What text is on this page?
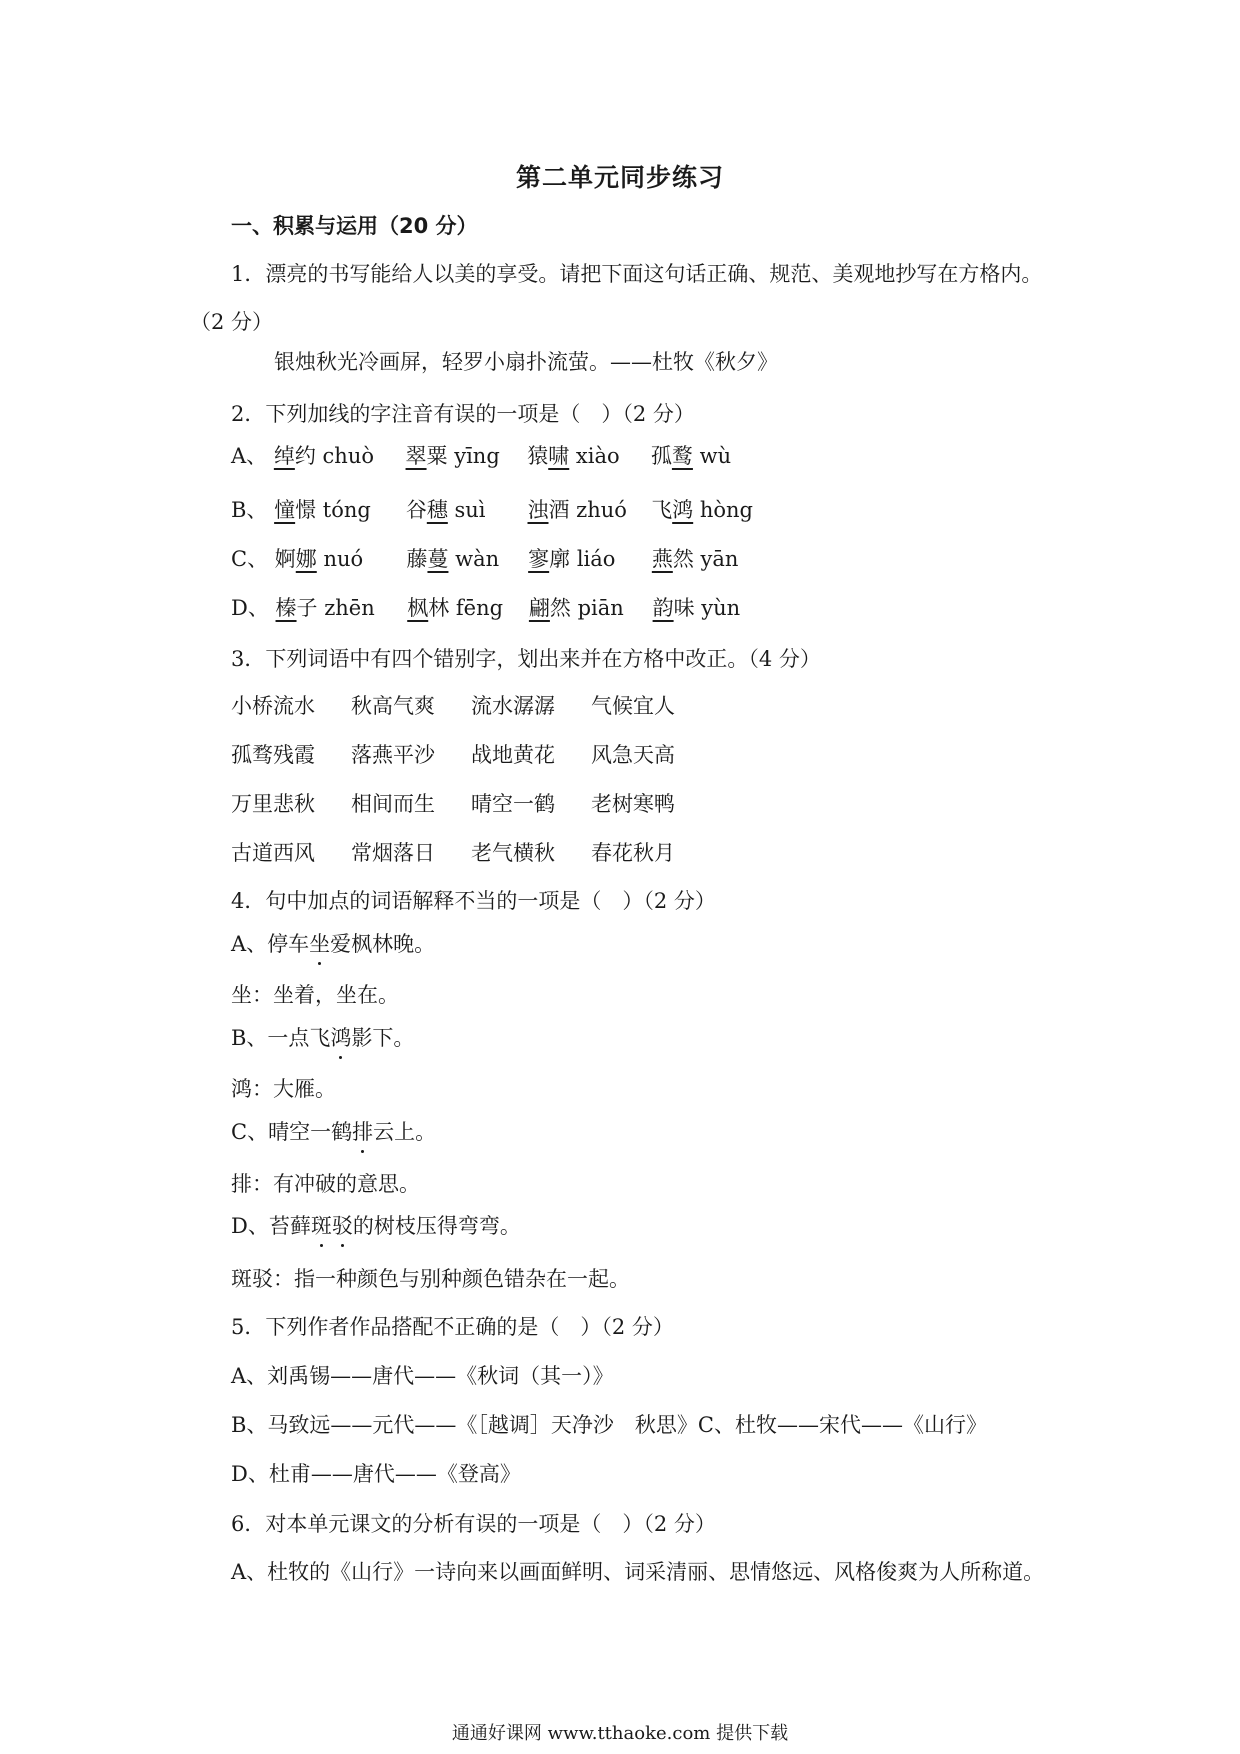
第二单元同步练习
一、积累与运用（20 分）
1．漂亮的书写能给人以美的享受。请把下面这句话正确、规范、美观地抄写在方格内。
（2 分）
银烛秋光冷画屏，轻罗小扇扑流萤。——杜牧《秋夕》
2．下列加线的字注音有误的一项是（　）（2 分）
A、 绰约 chuò 翠粟 yīng 猿啸 xiào 孤鹜 wù
B、 憧憬 tóng 谷穗 suì 浊酒 zhuó 飞鸿 hòng
C、 婀娜 nuó 藤蔓 wàn 寥廓 liáo 燕然 yān
D、 榛子 zhēn 枫林 fēng 翩然 piān 韵味 yùn
3．下列词语中有四个错别字，划出来并在方格中改正。（4 分）
小桥流水 秋高气爽 流水潺潺 气候宜人
孤骛残霞 落燕平沙 战地黄花 风急天高
万里悲秋 相间而生 晴空一鹤 老树寒鸭
古道西风 常烟落日 老气横秋 春花秋月
4．句中加点的词语解释不当的一项是（　）（2 分）
A、停车坐爱枫林晚。
坐：坐着，坐在。
B、一点飞鸿影下。
鸿：大雁。
C、晴空一鹤排云上。
排：有冲破的意思。
D、苔藓斑驳的树枝压得弯弯。
斑驳：指一种颜色与别种颜色错杂在一起。
5．下列作者作品搭配不正确的是（　）（2 分）
A、刘禹锡——唐代——《秋词（其一）》
B、马致远——元代——《［越调］天净沙　秋思》C、杜牧——宋代——《山行》
D、杜甫——唐代——《登高》
6．对本单元课文的分析有误的一项是（　）（2 分）
A、杜牧的《山行》一诗向来以画面鲜明、词采清丽、思情悠远、风格俊爽为人所称道。
通通好课网 www.tthaoke.com 提供下载
